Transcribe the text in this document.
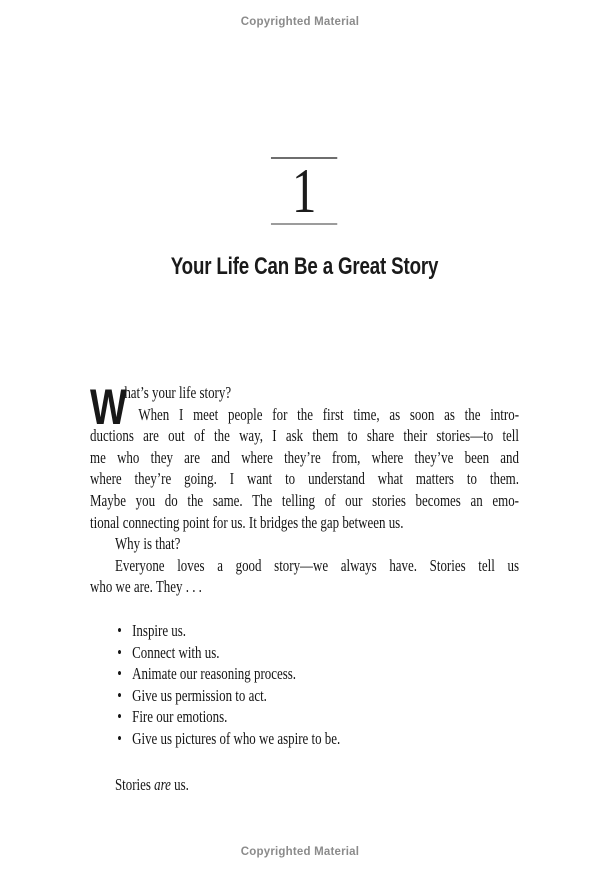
Copyrighted Material
1
Your Life Can Be a Great Story
W
hat’s your life story?
When I meet people for the first time, as soon as the intro-
ductions are out of the way, I ask them to share their stories—to tell
me who they are and where they’re from, where they’ve been and
where they’re going. I want to understand what matters to them.
Maybe you do the same. The telling of our stories becomes an emo-
tional connecting point for us. It bridges the gap between us.
Why is that?
Everyone loves a good story—we always have. Stories tell us
who we are. They . . .
• Inspire us.
• Connect with us.
• Animate our reasoning process.
• Give us permission to act.
• Fire our emotions.
• Give us pictures of who we aspire to be.
Stories are us.
Copyrighted Material
